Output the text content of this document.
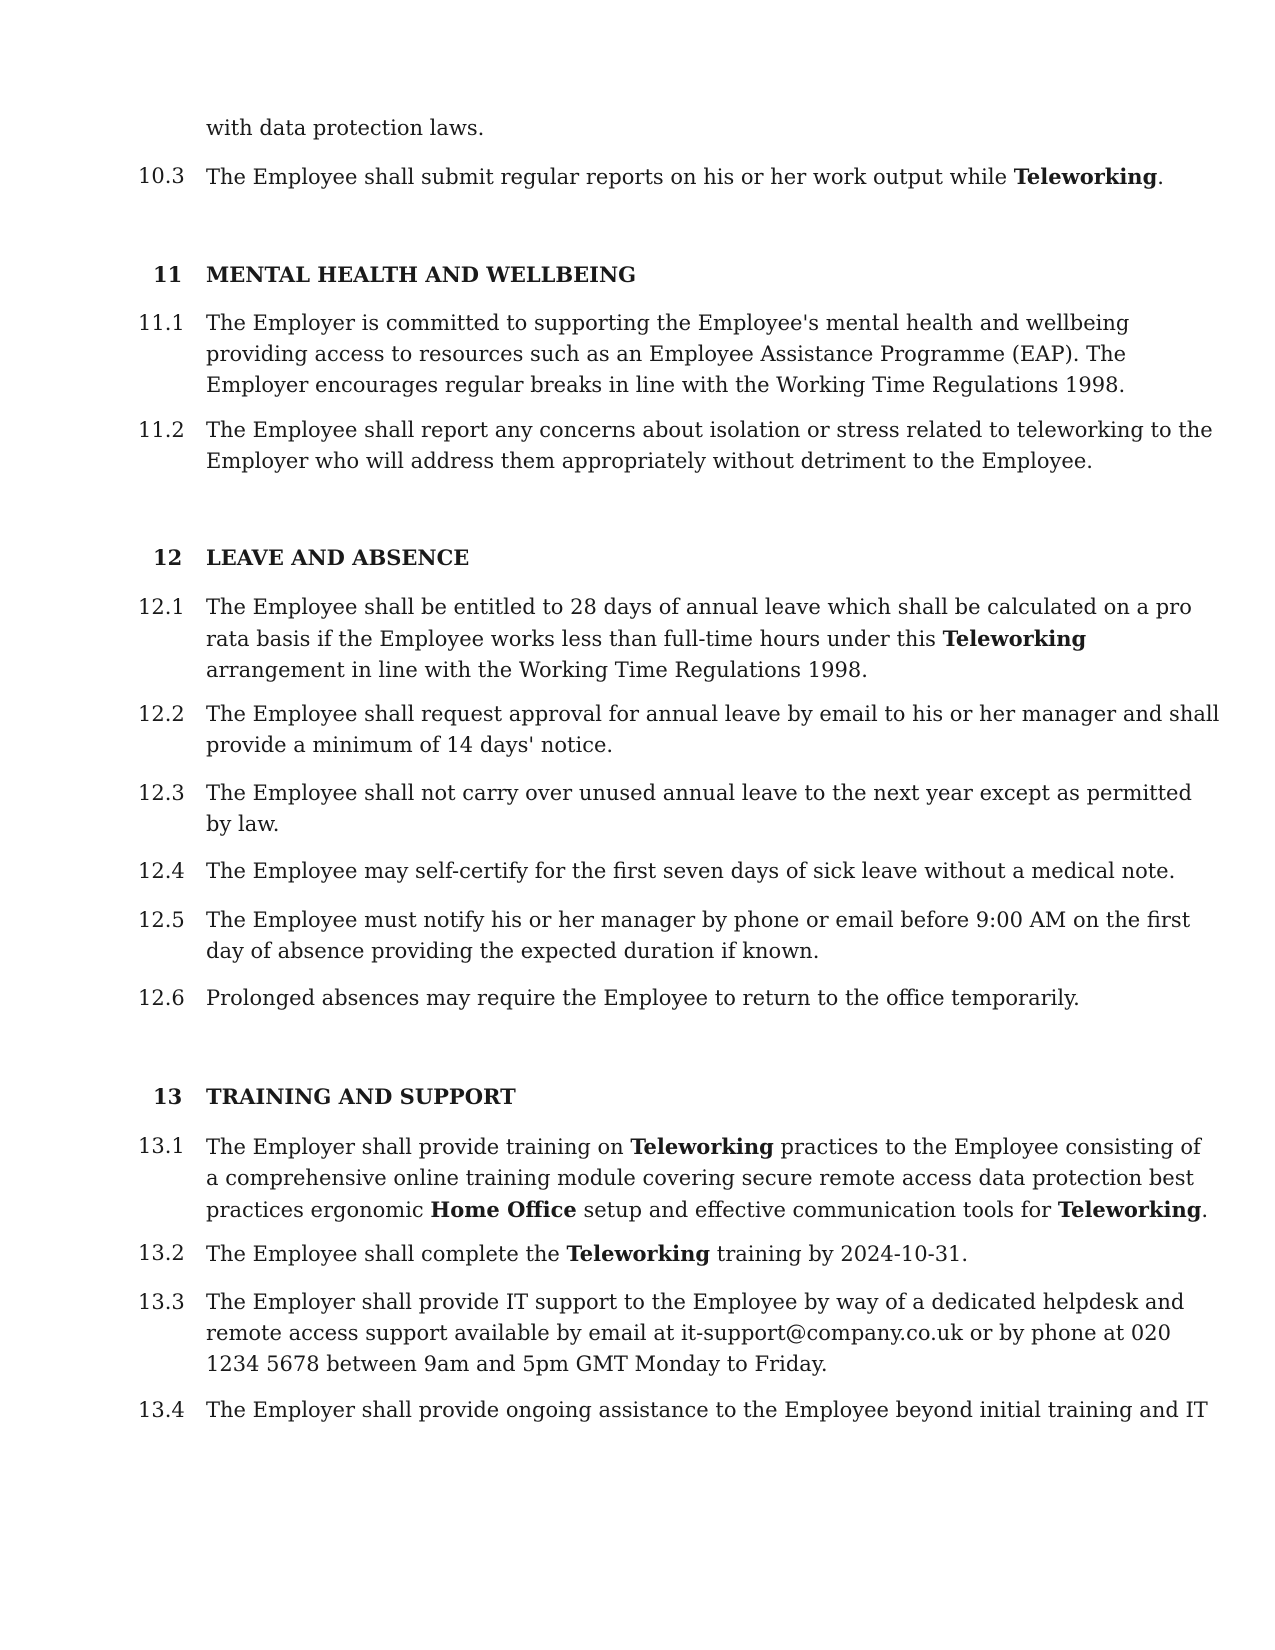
with data protection laws.
10.3 The Employee shall submit regular reports on his or her work output while Teleworking.
11	MENTAL HEALTH AND WELLBEING
11.1 The Employer is committed to supporting the Employee's mental health and wellbeing
providing access to resources such as an Employee Assistance Programme (EAP). The
Employer encourages regular breaks in line with the Working Time Regulations 1998.
11.2 The Employee shall report any concerns about isolation or stress related to teleworking to the
Employer who will address them appropriately without detriment to the Employee.
12	LEAVE AND ABSENCE
12.1 The Employee shall be entitled to 28 days of annual leave which shall be calculated on a pro
rata basis if the Employee works less than full-time hours under this Teleworking
arrangement in line with the Working Time Regulations 1998.
12.2 The Employee shall request approval for annual leave by email to his or her manager and shall
provide a minimum of 14 days' notice.
12.3 The Employee shall not carry over unused annual leave to the next year except as permitted
by law.
12.4 The Employee may self-certify for the first seven days of sick leave without a medical note.
12.5 The Employee must notify his or her manager by phone or email before 9:00 AM on the first
day of absence providing the expected duration if known.
12.6 Prolonged absences may require the Employee to return to the office temporarily.
13	TRAINING AND SUPPORT
13.1 The Employer shall provide training on Teleworking practices to the Employee consisting of
a comprehensive online training module covering secure remote access data protection best
practices ergonomic Home Office setup and effective communication tools for Teleworking.
13.2 The Employee shall complete the Teleworking training by 2024-10-31.
13.3 The Employer shall provide IT support to the Employee by way of a dedicated helpdesk and
remote access support available by email at it-support@company.co.uk or by phone at 020
1234 5678 between 9am and 5pm GMT Monday to Friday.
13.4 The Employer shall provide ongoing assistance to the Employee beyond initial training and IT
